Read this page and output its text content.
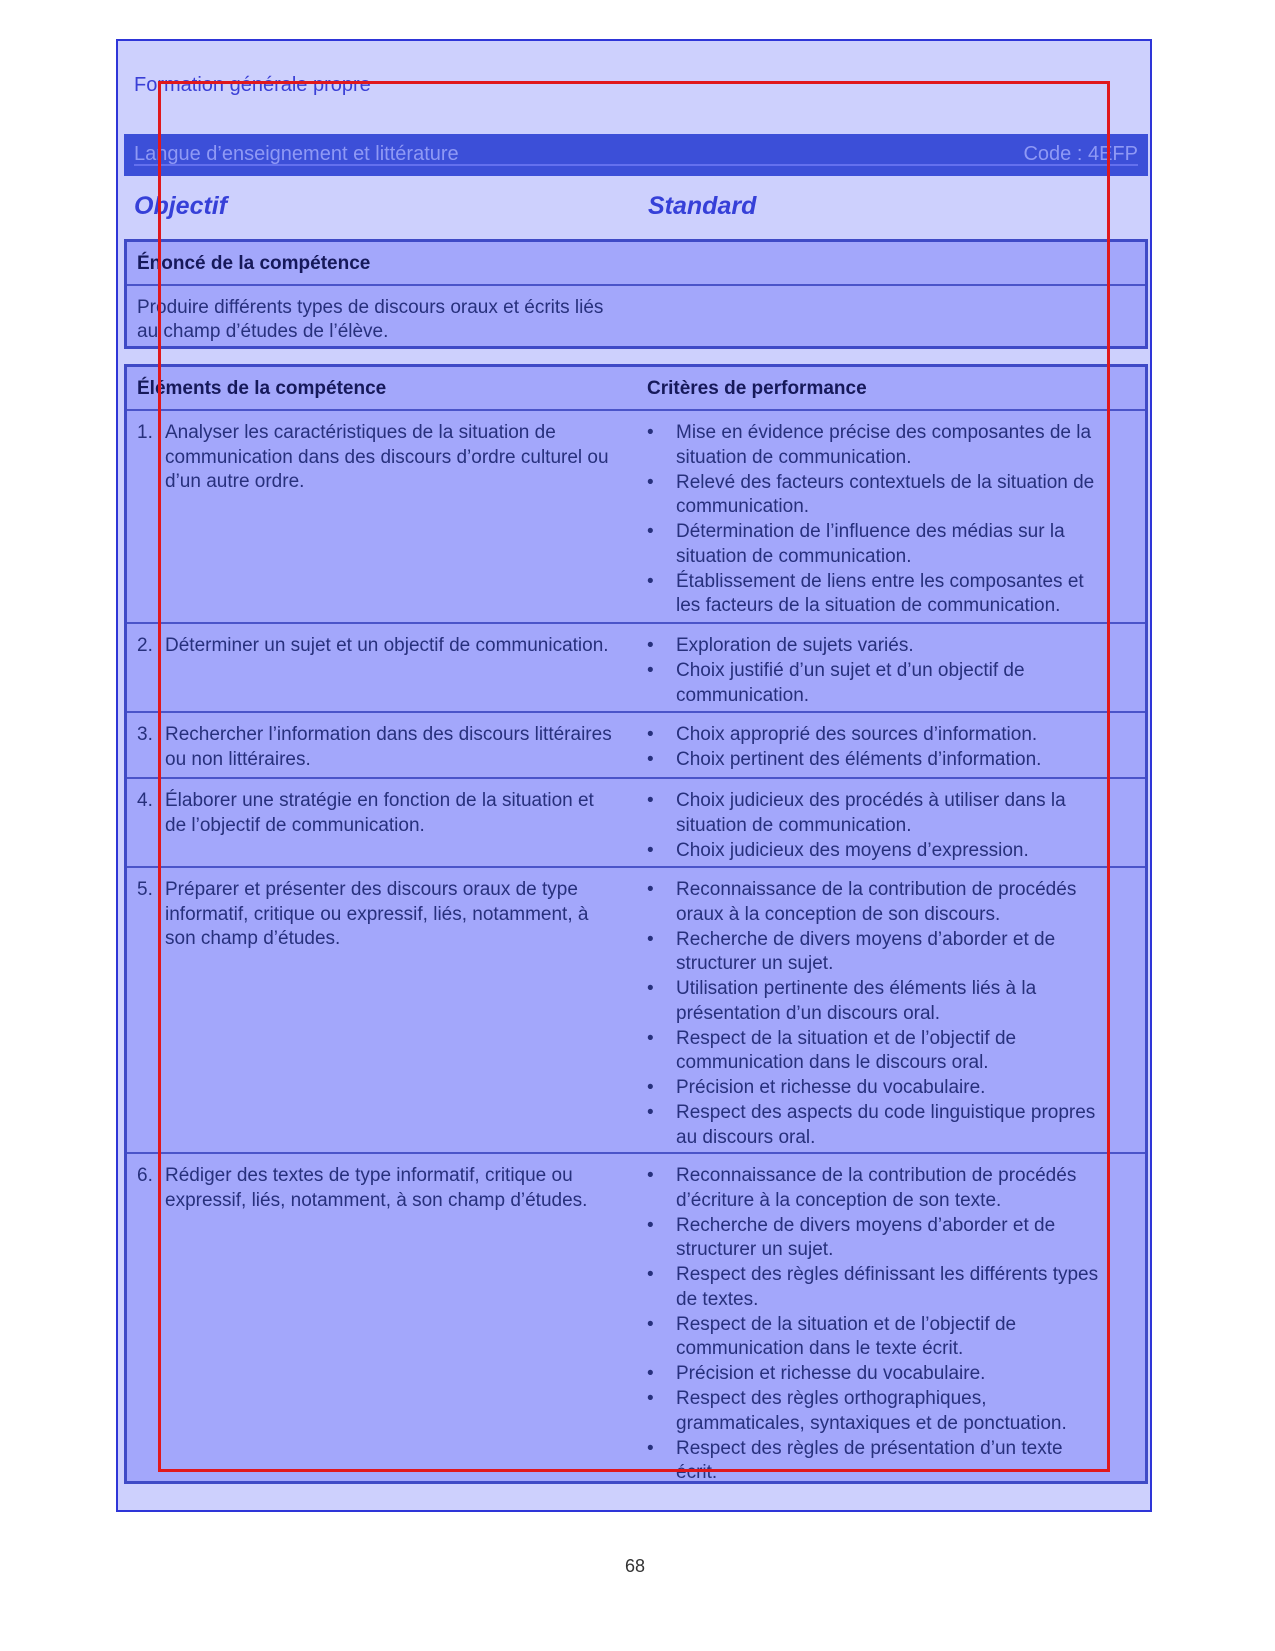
Formation générale propre
Langue d’enseignement et littérature	Code : 4EFP
Objectif	Standard
Énoncé de la compétence
Produire différents types de discours oraux et écrits liés au champ d’études de l’élève.
Éléments de la compétence	Critères de performance
1. Analyser les caractéristiques de la situation de communication dans des discours d’ordre culturel ou d’un autre ordre.
• Mise en évidence précise des composantes de la situation de communication.
• Relevé des facteurs contextuels de la situation de communication.
• Détermination de l’influence des médias sur la situation de communication.
• Établissement de liens entre les composantes et les facteurs de la situation de communication.
2. Déterminer un sujet et un objectif de communication.	• Exploration de sujets variés.
• Choix justifié d’un sujet et d’un objectif de communication.
3. Rechercher l’information dans des discours littéraires ou non littéraires.
• Choix approprié des sources d’information.
• Choix pertinent des éléments d’information.
4. Élaborer une stratégie en fonction de la situation et de l’objectif de communication.
• Choix judicieux des procédés à utiliser dans la situation de communication.
• Choix judicieux des moyens d’expression.
5. Préparer et présenter des discours oraux de type informatif, critique ou expressif, liés, notamment, à son champ d’études.
• Reconnaissance de la contribution de procédés oraux à la conception de son discours.
• Recherche de divers moyens d’aborder et de structurer un sujet.
• Utilisation pertinente des éléments liés à la présentation d’un discours oral.
• Respect de la situation et de l’objectif de communication dans le discours oral.
• Précision et richesse du vocabulaire.
• Respect des aspects du code linguistique propres au discours oral.
6. Rédiger des textes de type informatif, critique ou expressif, liés, notamment, à son champ d’études.
• Reconnaissance de la contribution de procédés d’écriture à la conception de son texte.
• Recherche de divers moyens d’aborder et de structurer un sujet.
• Respect des règles définissant les différents types de textes.
• Respect de la situation et de l’objectif de communication dans le texte écrit.
• Précision et richesse du vocabulaire.
• Respect des règles orthographiques, grammaticales, syntaxiques et de ponctuation.
• Respect des règles de présentation d’un texte écrit.
68
